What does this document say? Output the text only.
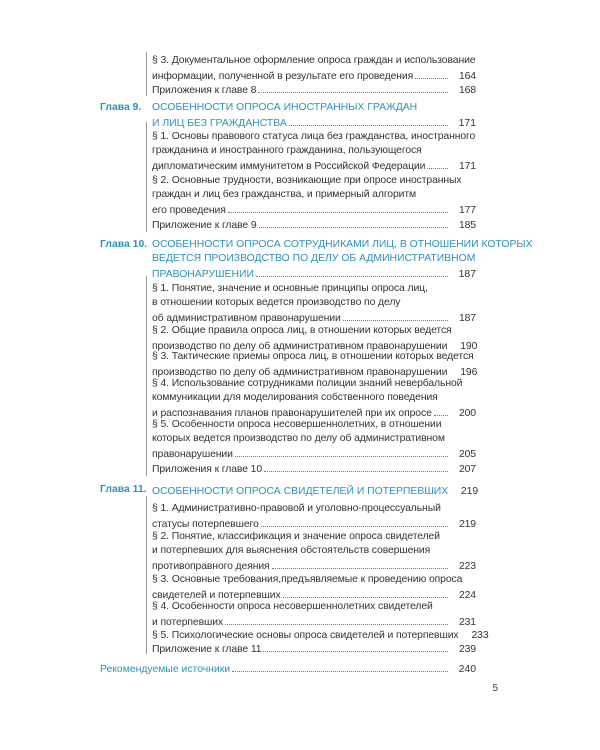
§ 3. Документальное оформление опроса граждан и использование
информации, полученной в результате его проведения	164
Приложения к главе 8	168
Глава 9.	ОСОБЕННОСТИ ОПРОСА ИНОСТРАННЫХ ГРАЖДАН
И ЛИЦ БЕЗ ГРАЖДАНСТВА	171
§ 1. Основы правового статуса лица без гражданства, иностранного
гражданина и иностранного гражданина, пользующегося
дипломатическим иммунитетом в Российской Федерации	171
§ 2. Основные трудности, возникающие при опросе иностранных
граждан и лиц без гражданства, и примерный алгоритм
его проведения	177
Приложение к главе 9	185
Глава 10. ОСОБЕННОСТИ ОПРОСА СОТРУДНИКАМИ ЛИЦ, В ОТНОШЕНИИ КОТОРЫХ
ВЕДЕТСЯ ПРОИЗВОДСТВО ПО ДЕЛУ ОБ АДМИНИСТРАТИВНОМ
ПРАВОНАРУШЕНИИ	187
§ 1. Понятие, значение и основные принципы опроса лиц,
в отношении которых ведется производство по делу
об административном правонарушении	187
§ 2. Общие правила опроса лиц, в отношении которых ведется
производство по делу об административном правонарушении	190
§ 3. Тактические приемы опроса лиц, в отношении которых ведется
производство по делу об административном правонарушении	196
§ 4. Использование сотрудниками полиции знаний невербальной
коммуникации для моделирования собственного поведения
и распознавания планов правонарушителей при их опросе	200
§ 5. Особенности опроса несовершеннолетних, в отношении
которых ведется производство по делу об административном
правонарушении	205
Приложения к главе 10	207
Глава 11. ОСОБЕННОСТИ ОПРОСА СВИДЕТЕЛЕЙ И ПОТЕРПЕВШИХ	219
§ 1. Административно-правовой и уголовно-процессуальный
статусы потерпевшего	219
§ 2. Понятие, классификация и значение опроса свидетелей
и потерпевших для выяснения обстоятельств совершения
противоправного деяния	223
§ 3. Основные требования,предъявляемые к проведению опроса
свидетелей и потерпевших	224
§ 4. Особенности опроса несовершеннолетних свидетелей
и потерпевших	231
§ 5. Психологические основы опроса свидетелей и потерпевших	233
Приложение к главе 11	239
Рекомендуемые источники	240
5
